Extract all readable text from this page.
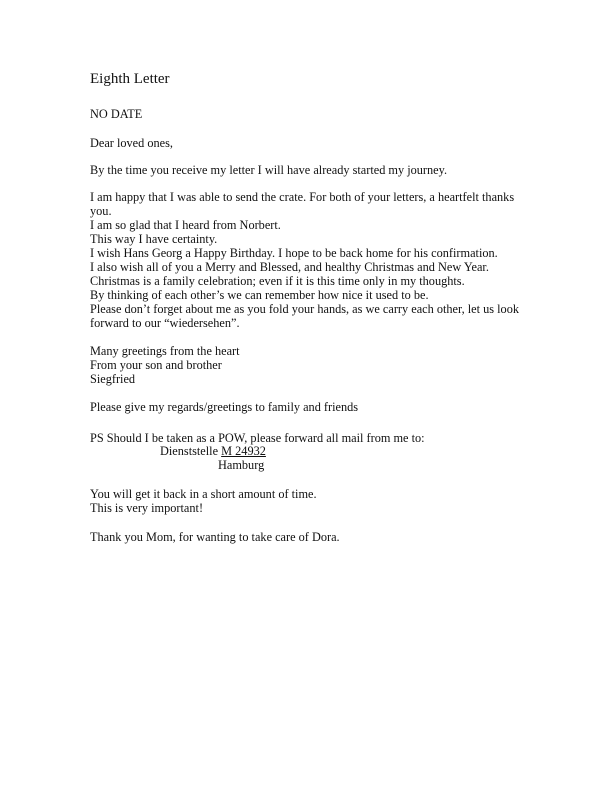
Eighth Letter
NO DATE
Dear loved ones,
By the time you receive my letter I will have already started my journey.
I am happy that I was able to send the crate. For both of your letters, a heartfelt thanks
you.
I am so glad that I heard from Norbert.
This way I have certainty.
I wish Hans Georg a Happy Birthday. I hope to be back home for his confirmation.
I also wish all of you a Merry and Blessed, and healthy Christmas and New Year.
Christmas is a family celebration; even if it is this time only in my thoughts.
By thinking of each other’s we can remember how nice it used to be.
Please don’t forget about me as you fold your hands, as we carry each other, let us look
forward to our “wiedersehen”.
Many greetings from the heart
From your son and brother
Siegfried
Please give my regards/greetings to family and friends
PS Should I be taken as a POW, please forward all mail from me to:
Dienststelle M 24932
Hamburg
You will get it back in a short amount of time.
This is very important!
Thank you Mom, for wanting to take care of Dora.
